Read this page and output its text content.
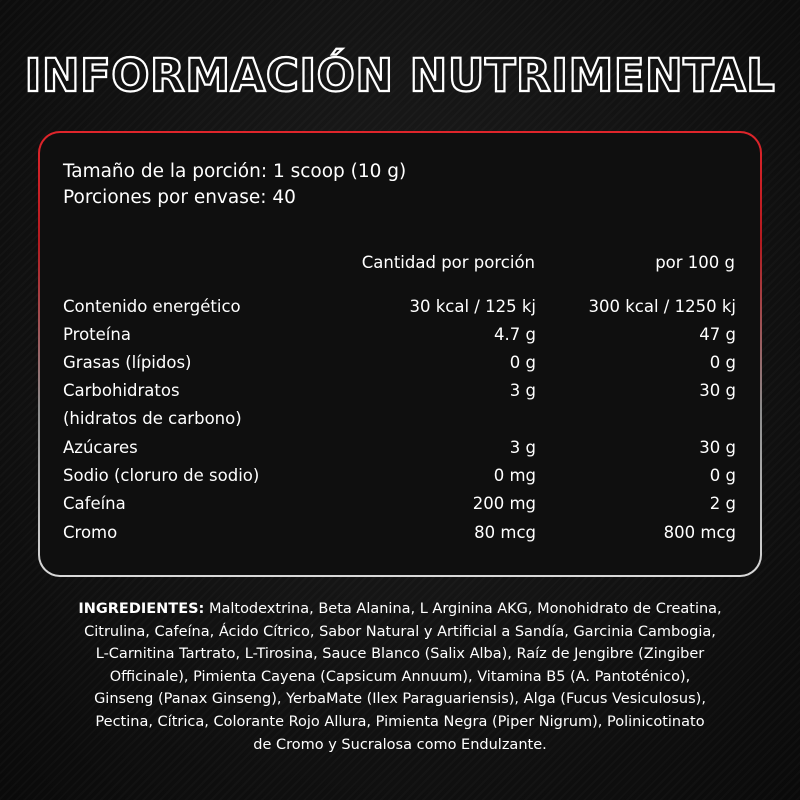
INFORMACIÓN NUTRIMENTAL
Tamaño de la porción: 1 scoop (10 g)
Porciones por envase: 40
Cantidad por porción	por 100 g
Contenido energético	30 kcal / 125 kj	300 kcal / 1250 kj
Proteína	4.7 g	47 g
Grasas (lípidos)	0 g	0 g
Carbohidratos	3 g	30 g
(hidratos de carbono)
Azúcares	3 g	30 g
Sodio (cloruro de sodio)	0 mg	0 g
Cafeína	200 mg	2 g
Cromo	80 mcg	800 mcg
INGREDIENTES: Maltodextrina, Beta Alanina, L Arginina AKG, Monohidrato de Creatina,
Citrulina, Cafeína, Ácido Cítrico, Sabor Natural y Artificial a Sandía, Garcinia Cambogia,
L-Carnitina Tartrato, L-Tirosina, Sauce Blanco (Salix Alba), Raíz de Jengibre (Zingiber
Officinale), Pimienta Cayena (Capsicum Annuum), Vitamina B5 (A. Pantoténico),
Ginseng (Panax Ginseng), YerbaMate (Ilex Paraguariensis), Alga (Fucus Vesiculosus),
Pectina, Cítrica, Colorante Rojo Allura, Pimienta Negra (Piper Nigrum), Polinicotinato
de Cromo y Sucralosa como Endulzante.
